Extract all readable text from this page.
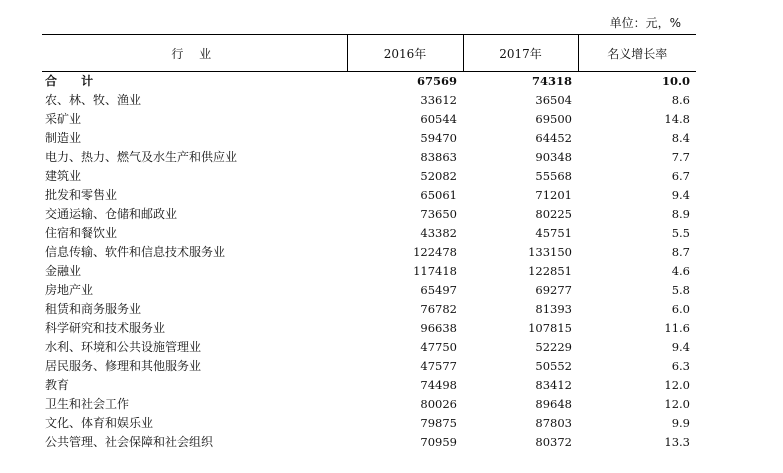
单位：元，%
行 业	2016年	2017年	名义增长率
合 计	67569	74318	10.0
农、林、牧、渔业	33612	36504	8.6
采矿业	60544	69500	14.8
制造业	59470	64452	8.4
电力、热力、燃气及水生产和供应业	83863	90348	7.7
建筑业	52082	55568	6.7
批发和零售业	65061	71201	9.4
交通运输、仓储和邮政业	73650	80225	8.9
住宿和餐饮业	43382	45751	5.5
信息传输、软件和信息技术服务业	122478	133150	8.7
金融业	117418	122851	4.6
房地产业	65497	69277	5.8
租赁和商务服务业	76782	81393	6.0
科学研究和技术服务业	96638	107815	11.6
水利、环境和公共设施管理业	47750	52229	9.4
居民服务、修理和其他服务业	47577	50552	6.3
教育	74498	83412	12.0
卫生和社会工作	80026	89648	12.0
文化、体育和娱乐业	79875	87803	9.9
公共管理、社会保障和社会组织	70959	80372	13.3
